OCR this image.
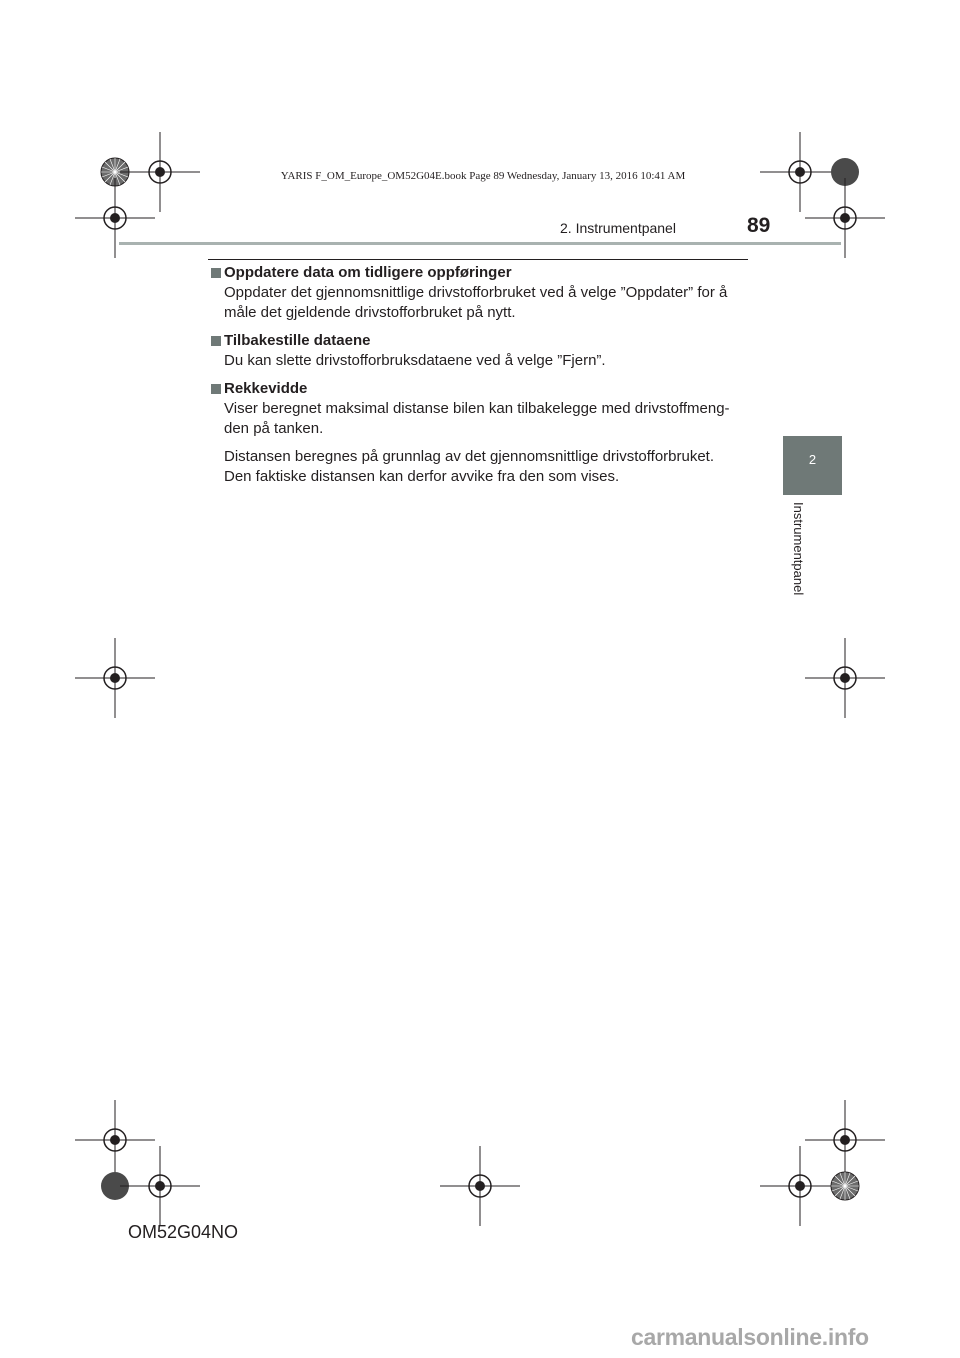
YARIS F_OM_Europe_OM52G04E.book Page 89 Wednesday, January 13, 2016 10:41 AM
2. Instrumentpanel	89
2
Instrumentpanel
Oppdatere data om tidligere oppføringer

Oppdater det gjennomsnittlige drivstofforbruket ved å velge ”Oppdater” for å
måle det gjeldende drivstofforbruket på nytt.

Tilbakestille dataene

Du kan slette drivstofforbruksdataene ved å velge ”Fjern”.

Rekkevidde

Viser beregnet maksimal distanse bilen kan tilbakelegge med drivstoffmeng-
den på tanken.

Distansen beregnes på grunnlag av det gjennomsnittlige drivstofforbruket.
Den faktiske distansen kan derfor avvike fra den som vises.

OM52G04NO
carmanualsonline.info
